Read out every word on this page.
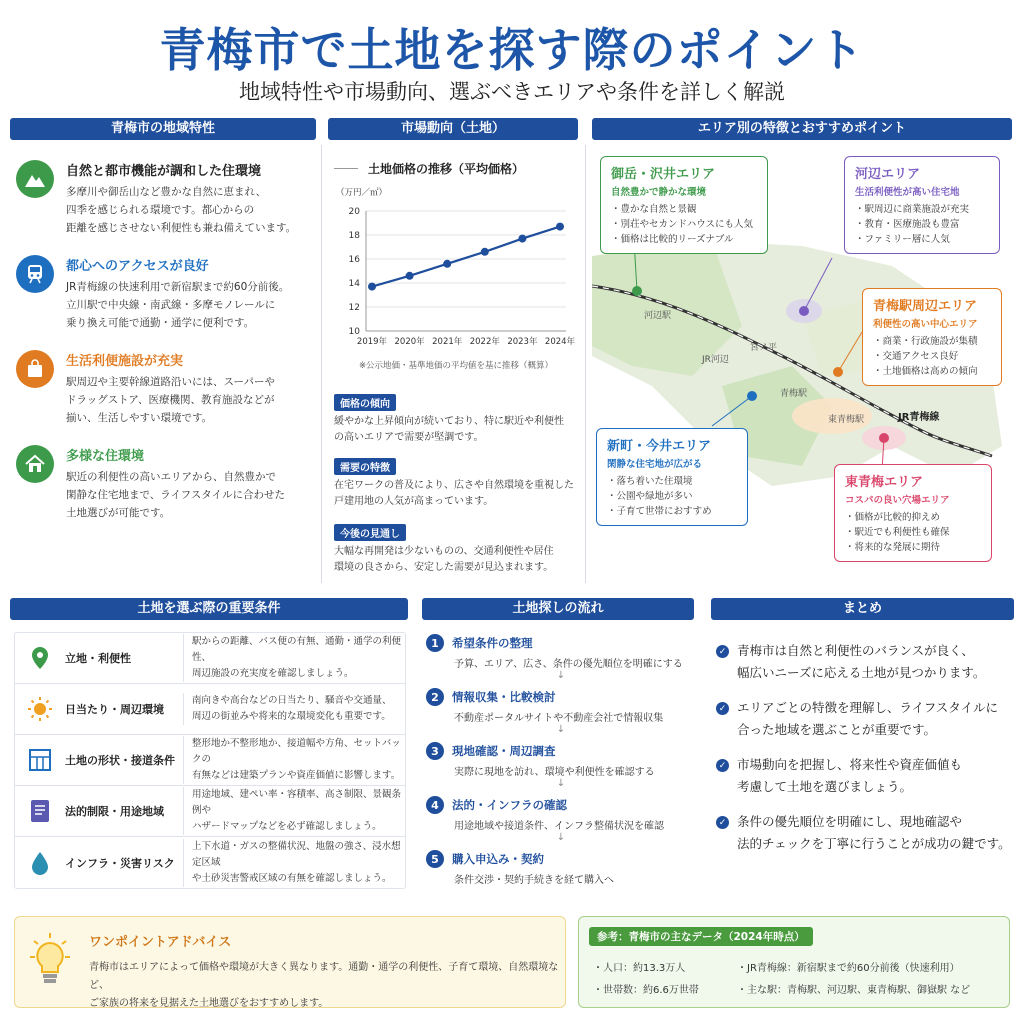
青梅市で土地を探す際のポイント
地域特性や市場動向、選ぶべきエリアや条件を詳しく解説
青梅市の地域特性	市場動向（土地）	エリア別の特徴とおすすめポイント
自然と都市機能が調和した住環境
多摩川や御岳山など豊かな自然に恵まれ、
四季を感じられる環境です。都心からの
距離を感じさせない利便性も兼ね備えています。
都心へのアクセスが良好
JR青梅線の快速利用で新宿駅まで約60分前後。
立川駅で中央線・南武線・多摩モノレールに
乗り換え可能で通勤・通学に便利です。
生活利便施設が充実
駅周辺や主要幹線道路沿いには、スーパーや
ドラッグストア、医療機関、教育施設などが
揃い、生活しやすい環境です。
多様な住環境
駅近の利便性の高いエリアから、自然豊かで
閑静な住宅地まで、ライフスタイルに合わせた
土地選びが可能です。
土地価格の推移（平均価格）
（万円／㎡）
10
12
14
16
18
20
2019年 2020年 2021年 2022年 2023年 2024年
※公示地価・基準地価の平均値を基に推移（概算）
価格の傾向
緩やかな上昇傾向が続いており、特に駅近や利便性
の高いエリアで需要が堅調です。
需要の特徴
在宅ワークの普及により、広さや自然環境を重視した
戸建用地の人気が高まっています。
今後の見通し
大幅な再開発は少ないものの、交通利便性や居住
環境の良さから、安定した需要が見込まれます。
河辺駅
JR河辺
宮ノ平
青梅駅
東青梅駅	JR青梅線
御岳・沢井エリア
自然豊かで静かな環境
・豊かな自然と景観
・別荘やセカンドハウスにも人気
・価格は比較的リーズナブル
河辺エリア
生活利便性が高い住宅地
・駅周辺に商業施設が充実
・教育・医療施設も豊富
・ファミリー層に人気
青梅駅周辺エリア
利便性の高い中心エリア
・商業・行政施設が集積
・交通アクセス良好
・土地価格は高めの傾向
新町・今井エリア
閑静な住宅地が広がる
・落ち着いた住環境
・公園や緑地が多い
・子育て世帯におすすめ
東青梅エリア
コスパの良い穴場エリア
・価格が比較的抑えめ
・駅近でも利便性も確保
・将来的な発展に期待
土地を選ぶ際の重要条件	土地探しの流れ	まとめ
立地・利便性
駅からの距離、バス便の有無、通勤・通学の利便性、
周辺施設の充実度を確認しましょう。
日当たり・周辺環境
南向きや高台などの日当たり、騒音や交通量、
周辺の街並みや将来的な環境変化も重要です。
土地の形状・接道条件
整形地か不整形地か、接道幅や方角、セットバックの
有無などは建築プランや資産価値に影響します。
法的制限・用途地域
用途地域、建ぺい率・容積率、高さ制限、景観条例や
ハザードマップなどを必ず確認しましょう。
インフラ・災害リスク
上下水道・ガスの整備状況、地盤の強さ、浸水想定区域
や土砂災害警戒区域の有無を確認しましょう。
1	希望条件の整理
予算、エリア、広さ、条件の優先順位を明確にする
↓
2	情報収集・比較検討
不動産ポータルサイトや不動産会社で情報収集
↓
3	現地確認・周辺調査
実際に現地を訪れ、環境や利便性を確認する
↓
4	法的・インフラの確認
用途地域や接道条件、インフラ整備状況を確認
↓
5	購入申込み・契約
条件交渉・契約手続きを経て購入へ
✓ 青梅市は自然と利便性のバランスが良く、
幅広いニーズに応える土地が見つかります。
✓ エリアごとの特徴を理解し、ライフスタイルに
合った地域を選ぶことが重要です。
✓ 市場動向を把握し、将来性や資産価値も
考慮して土地を選びましょう。
✓ 条件の優先順位を明確にし、現地確認や
法的チェックを丁寧に行うことが成功の鍵です。
ワンポイントアドバイス
青梅市はエリアによって価格や環境が大きく異なります。通勤・通学の利便性、子育て環境、自然環境など、
ご家族の将来を見据えた土地選びをおすすめします。
参考：青梅市の主なデータ（2024年時点）
・人口：約13.3万人	・JR青梅線：新宿駅まで約60分前後（快速利用）
・世帯数：約6.6万世帯	・主な駅：青梅駅、河辺駅、東青梅駅、御嶽駅 など
